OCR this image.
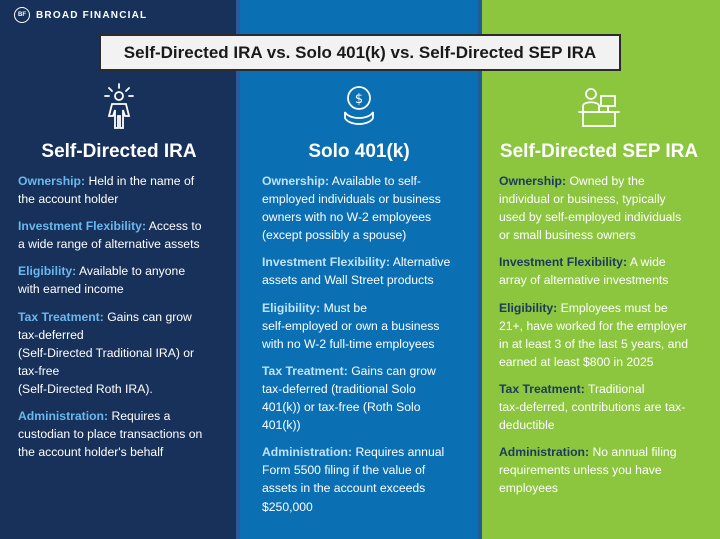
BF	BROAD FINANCIAL
Self-Directed IRA
Ownership: Held in the name of
the account holder
Investment Flexibility: Access to
a wide range of alternative assets
Eligibility: Available to anyone
with earned income
Tax Treatment: Gains can grow
tax-deferred
(Self-Directed Traditional IRA) or
tax-free
(Self-Directed Roth IRA).
Administration: Requires a
custodian to place transactions on
the account holder's behalf
$
Solo 401(k)
Ownership: Available to self-
employed individuals or business
owners with no W-2 employees
(except possibly a spouse)
Investment Flexibility: Alternative
assets and Wall Street products
Eligibility: Must be
self-employed or own a business
with no W-2 full-time employees
Tax Treatment: Gains can grow
tax-deferred (traditional Solo
401(k)) or tax-free (Roth Solo
401(k))
Administration: Requires annual
Form 5500 filing if the value of
assets in the account exceeds
$250,000
Self-Directed SEP IRA
Ownership: Owned by the
individual or business, typically
used by self-employed individuals
or small business owners
Investment Flexibility: A wide
array of alternative investments
Eligibility: Employees must be
21+, have worked for the employer
in at least 3 of the last 5 years, and
earned at least $800 in 2025
Tax Treatment: Traditional
tax-deferred, contributions are tax-
deductible
Administration: No annual filing
requirements unless you have
employees
Self-Directed IRA vs. Solo 401(k) vs. Self-Directed SEP IRA
